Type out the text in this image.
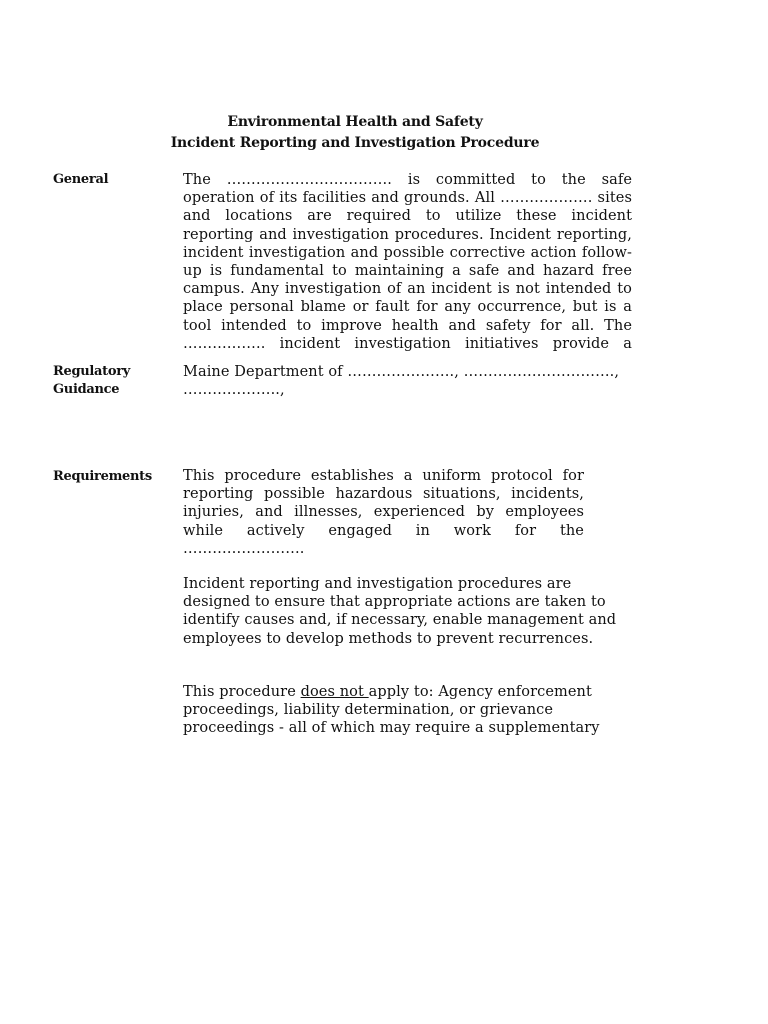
Environmental Health and Safety
Incident Reporting and Investigation Procedure
General	The ……………………………. is committed to the safe operation of its facilities and grounds. All ………………. sites and locations are required to utilize these incident reporting and investigation procedures. Incident reporting, incident investigation and possible corrective action follow-up is fundamental to maintaining a safe and hazard free campus. Any investigation of an incident is not intended to place personal blame or fault for any occurrence, but is a tool intended to improve health and safety for all. The …………….. incident investigation initiatives provide a

Regulatory
Guidance

Maine Department of …………………., …………………………., ………………..,

Requirements This procedure establishes a uniform protocol for reporting possible hazardous situations, incidents, injuries, and illnesses, experienced by employees while actively engaged in work for the …………………….

Incident reporting and investigation procedures are designed to ensure that appropriate actions are taken to identify causes and, if necessary, enable management and employees to develop methods to prevent recurrences.

This procedure does not apply to: Agency enforcement proceedings, liability determination, or grievance proceedings - all of which may require a supplementary
